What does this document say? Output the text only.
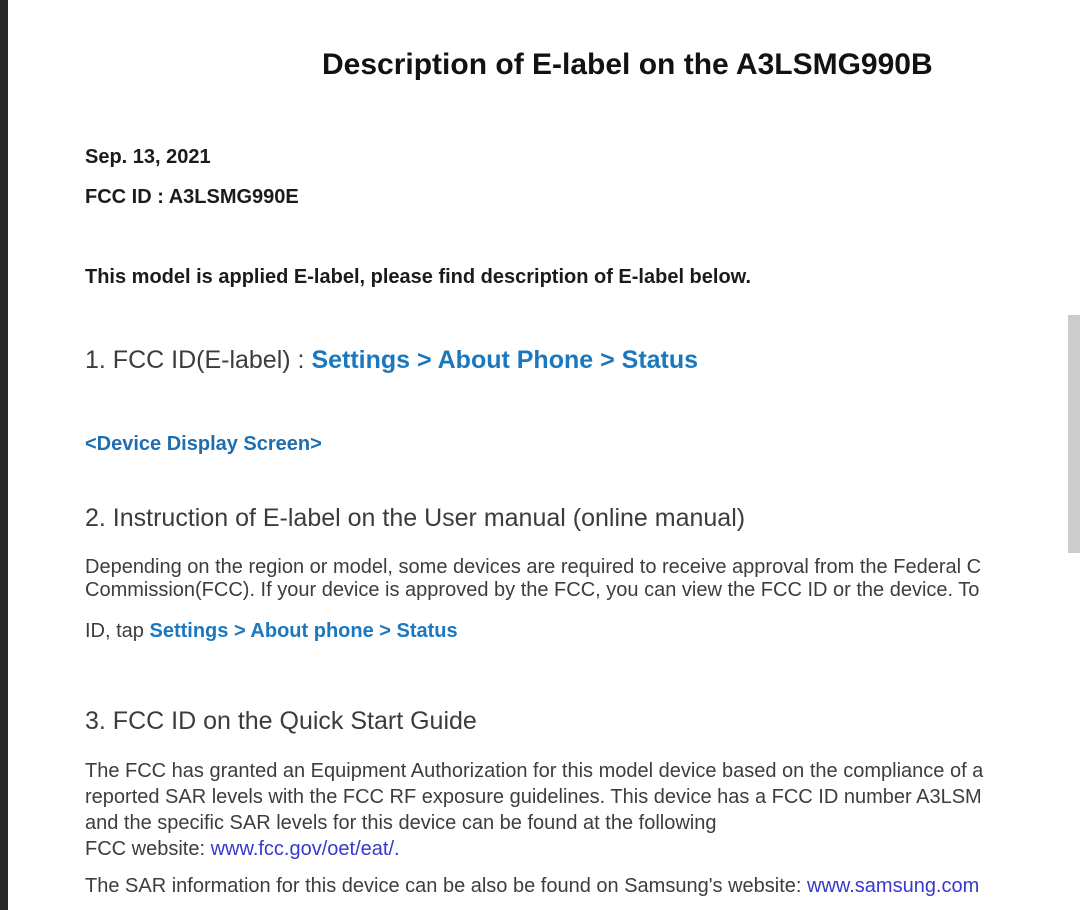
Description of E-label on the A3LSMG990B
Sep. 13, 2021
FCC ID : A3LSMG990E
This model is applied E-label, please find description of E-label below.
1. FCC ID(E-label) : Settings > About Phone > Status
<Device Display Screen>
2. Instruction of E-label on the User manual (online manual)
Depending on the region or model, some devices are required to receive approval from the Federal C
Commission(FCC). If your device is approved by the FCC, you can view the FCC ID or the device. To
ID, tap Settings > About phone > Status
3. FCC ID on the Quick Start Guide
The FCC has granted an Equipment Authorization for this model device based on the compliance of a
reported SAR levels with the FCC RF exposure guidelines. This device has a FCC ID number A3LSM
and the specific SAR levels for this device can be found at the following
FCC website: www.fcc.gov/oet/eat/.
The SAR information for this device can be also be found on Samsung's website: www.samsung.com
